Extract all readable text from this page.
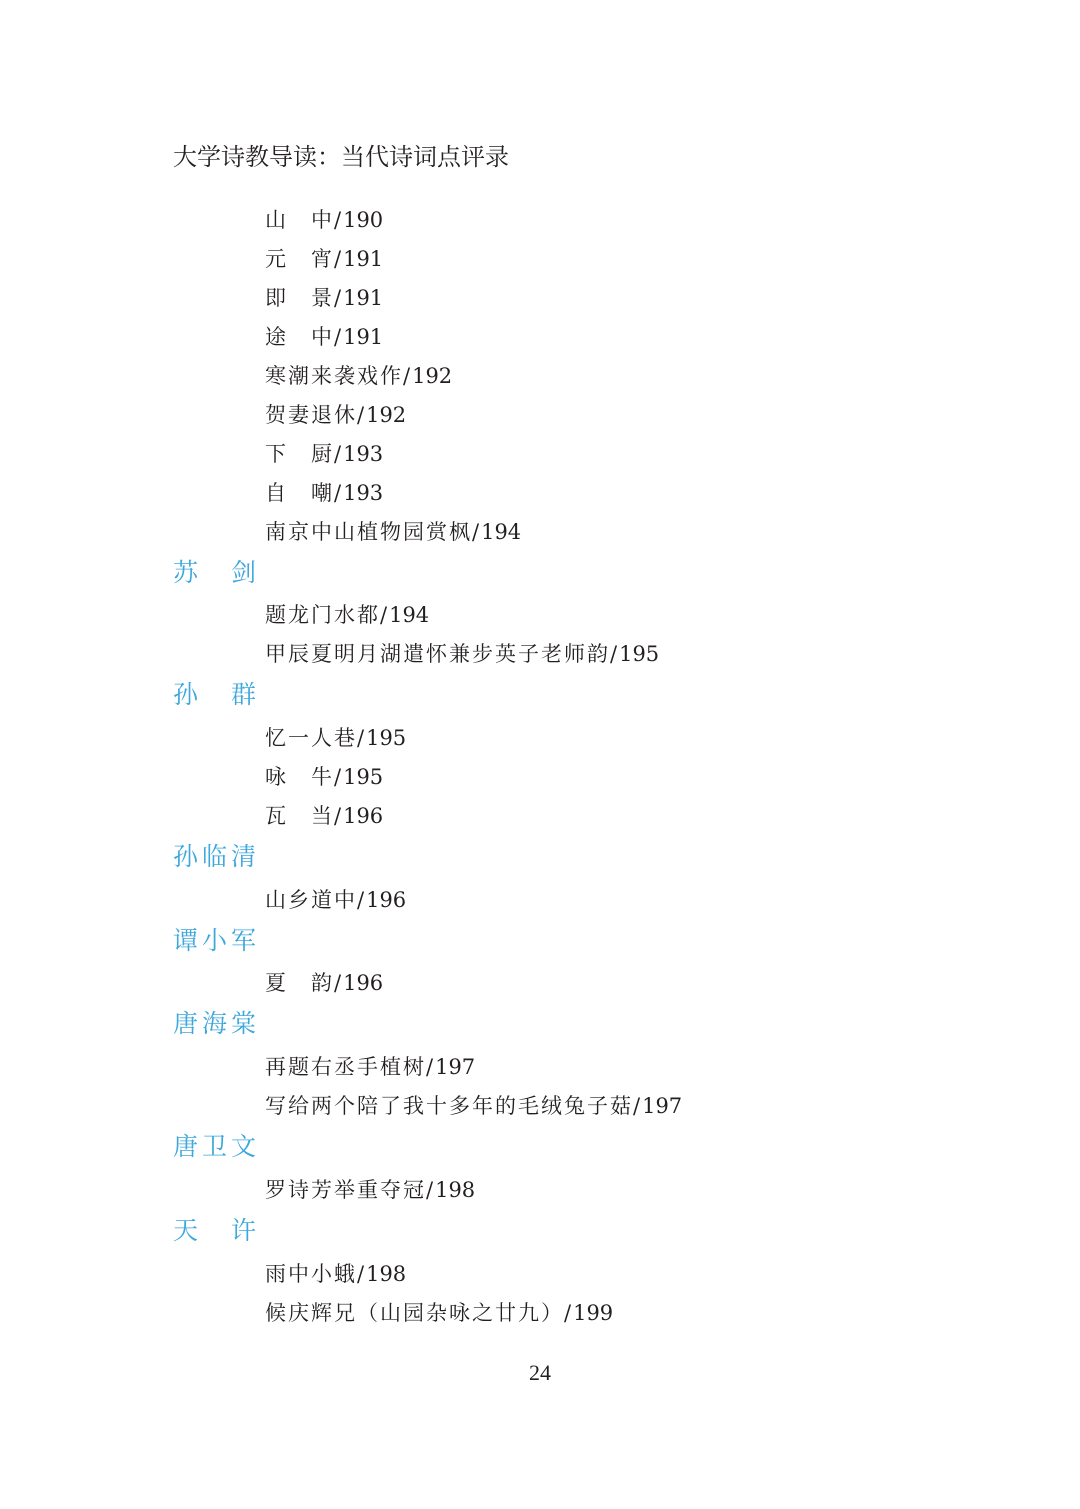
大学诗教导读：当代诗词点评录
山　中/190
元　宵/191
即　景/191
途　中/191
寒潮来袭戏作/192
贺妻退休/192
下　厨/193
自　嘲/193
南京中山植物园赏枫/194
苏　剑
题龙门水都/194
甲辰夏明月湖遣怀兼步英子老师韵/195
孙　群
忆一人巷/195
咏　牛/195
瓦　当/196
孙临清
山乡道中/196
谭小军
夏　韵/196
唐海棠
再题右丞手植树/197
写给两个陪了我十多年的毛绒兔子菇/197
唐卫文
罗诗芳举重夺冠/198
天　许
雨中小蛾/198
候庆辉兄（山园杂咏之廿九）/199
24
